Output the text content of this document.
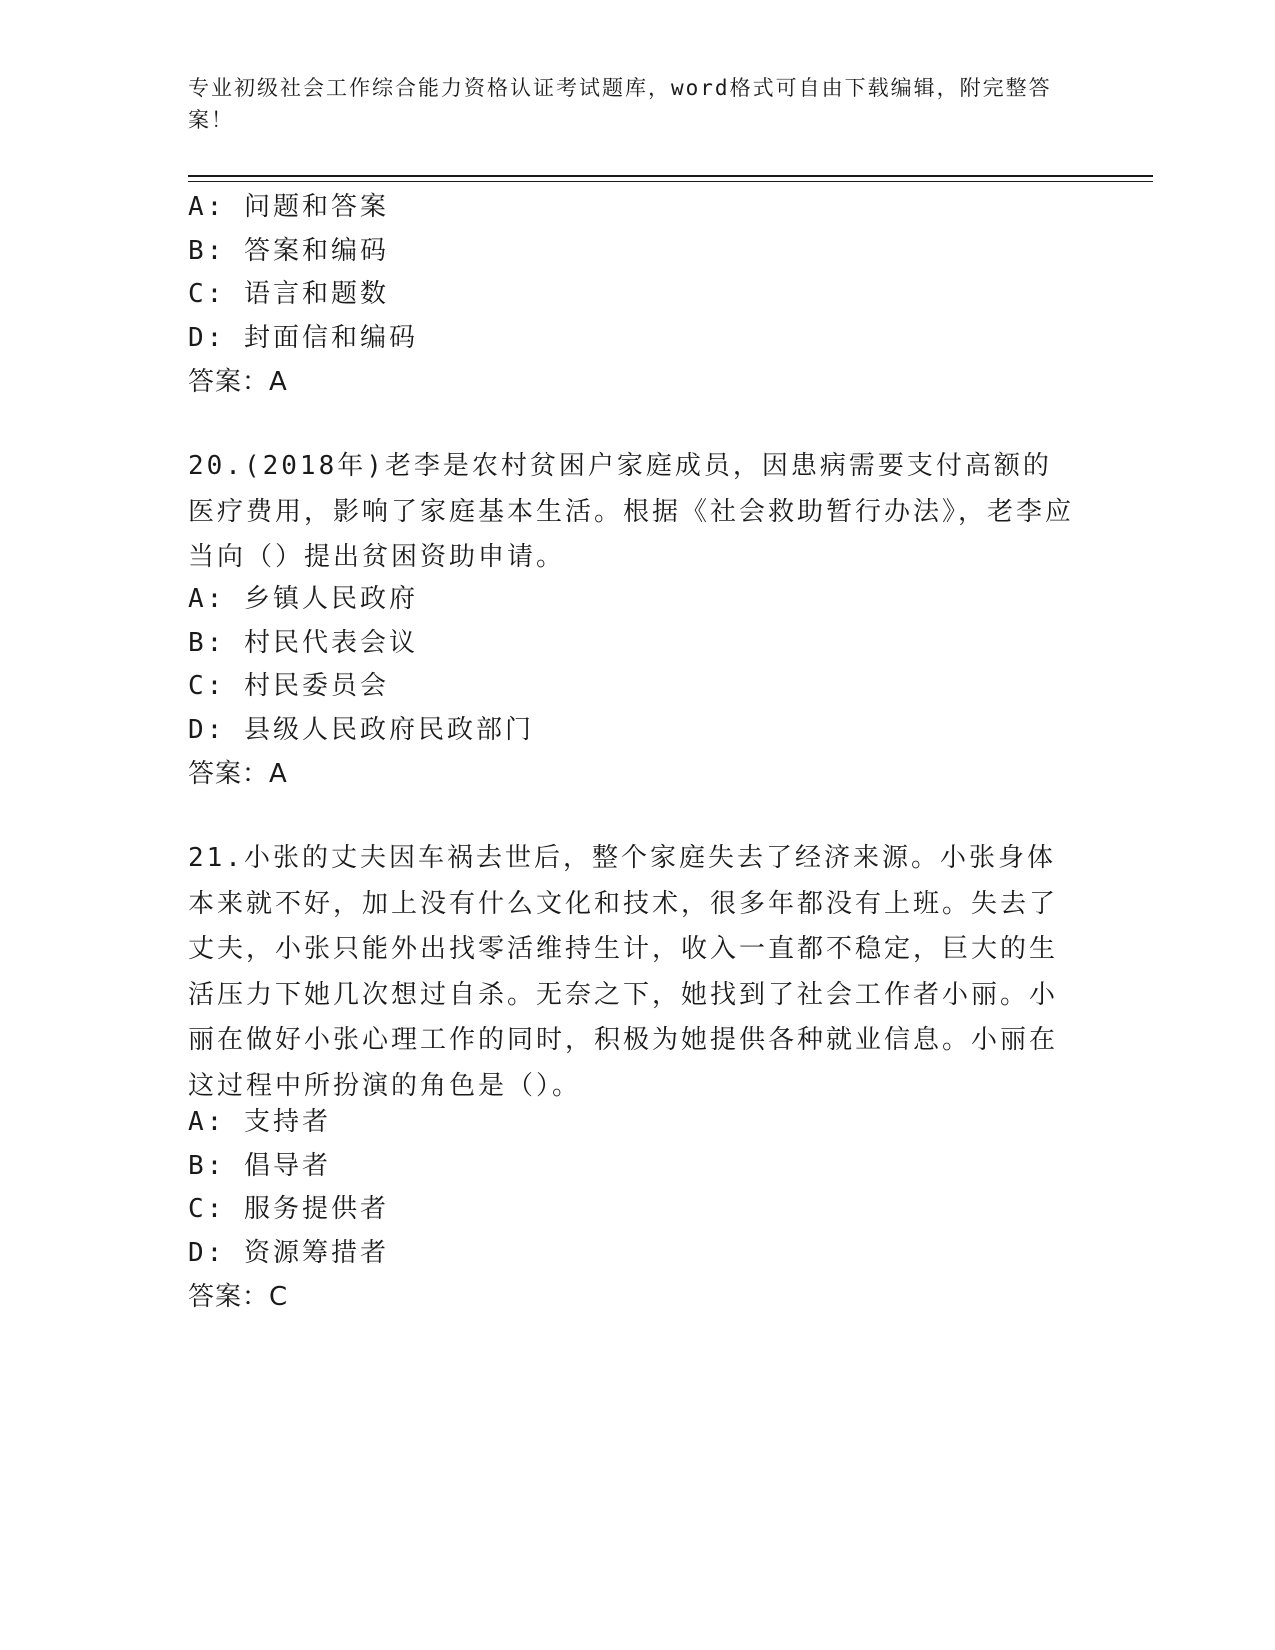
专业初级社会工作综合能力资格认证考试题库，word格式可自由下载编辑，附完整答案！
A: 问题和答案
B: 答案和编码
C: 语言和题数
D: 封面信和编码
答案：A
20.(2018年)老李是农村贫困户家庭成员，因患病需要支付高额的医疗费用，影响了家庭基本生活。根据《社会救助暂行办法》，老李应当向（）提出贫困资助申请。
A: 乡镇人民政府
B: 村民代表会议
C: 村民委员会
D: 县级人民政府民政部门
答案：A
21.小张的丈夫因车祸去世后，整个家庭失去了经济来源。小张身体本来就不好，加上没有什么文化和技术，很多年都没有上班。失去了丈夫，小张只能外出找零活维持生计，收入一直都不稳定，巨大的生活压力下她几次想过自杀。无奈之下，她找到了社会工作者小丽。小丽在做好小张心理工作的同时，积极为她提供各种就业信息。小丽在这过程中所扮演的角色是（）。
A: 支持者
B: 倡导者
C: 服务提供者
D: 资源筹措者
答案：C
